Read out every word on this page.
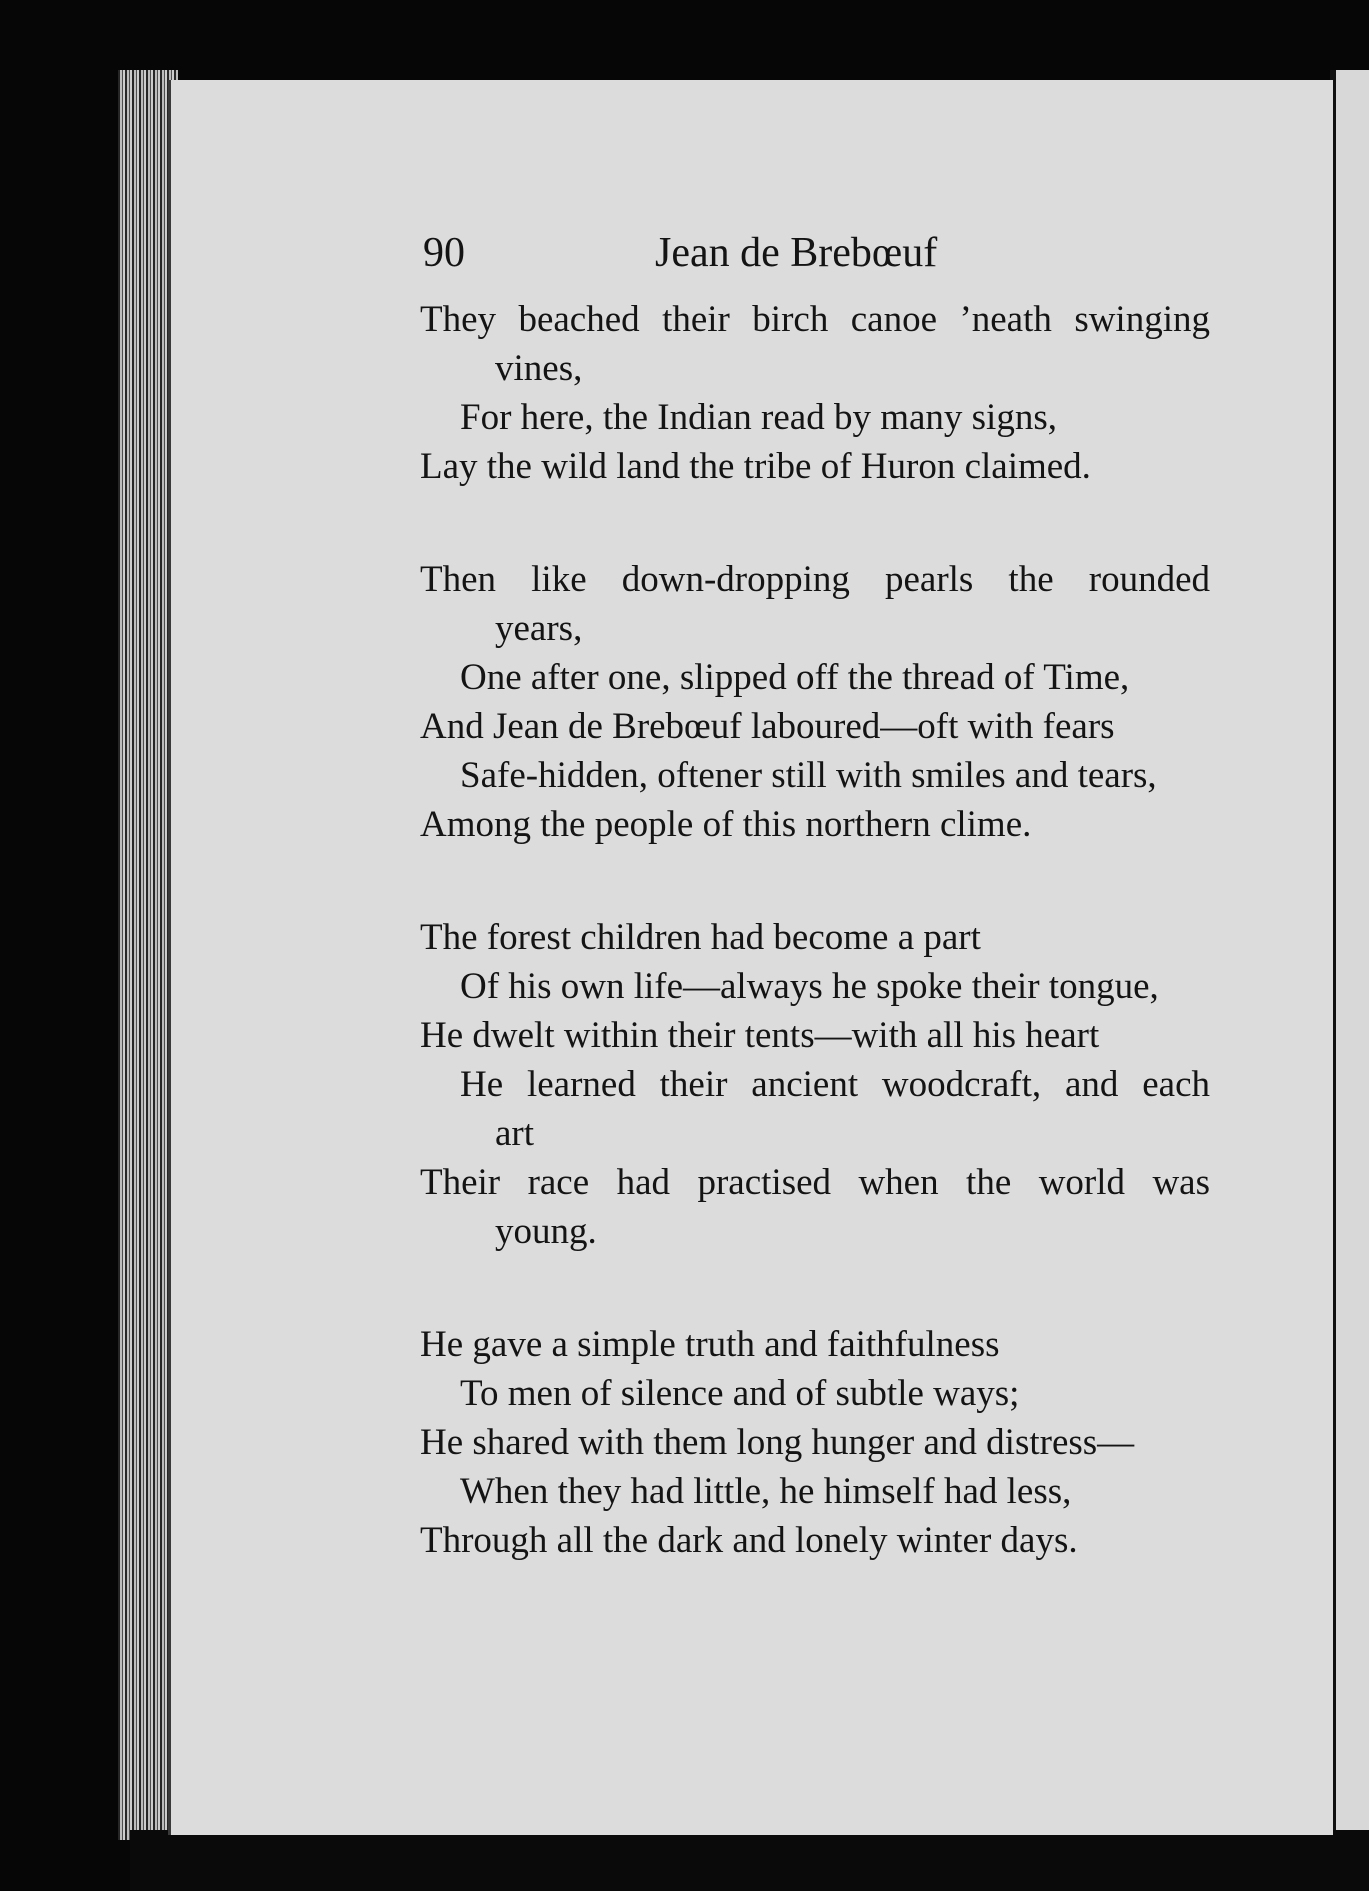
90	Jean de Brebœuf
They beached their birch canoe ’neath swinging
vines,
For here, the Indian read by many signs,
Lay the wild land the tribe of Huron claimed.
Then like down-dropping pearls the rounded
years,
One after one, slipped off the thread of Time,
And Jean de Brebœuf laboured—oft with fears
Safe-hidden, oftener still with smiles and tears,
Among the people of this northern clime.
The forest children had become a part
Of his own life—always he spoke their tongue,
He dwelt within their tents—with all his heart
He learned their ancient woodcraft, and each
art
Their race had practised when the world was
young.
He gave a simple truth and faithfulness
To men of silence and of subtle ways;
He shared with them long hunger and distress—
When they had little, he himself had less,
Through all the dark and lonely winter days.
